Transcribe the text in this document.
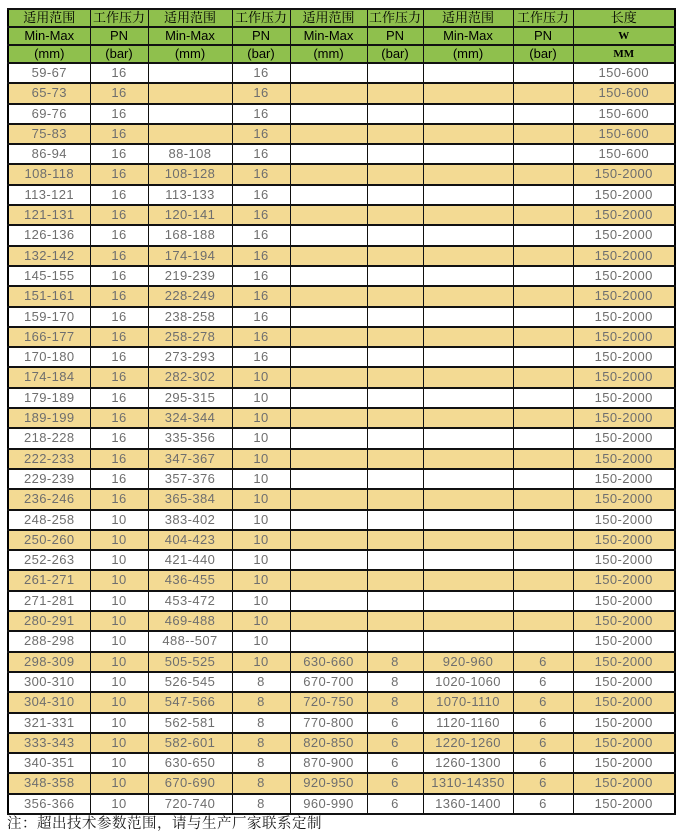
适用范围	工作压力	适用范围	工作压力	适用范围	工作压力	适用范围	工作压力	长度
Min-Max	PN	Min-Max	PN	Min-Max	PN	Min-Max	PN	W
(mm)	(bar)	(mm)	(bar)	(mm)	(bar)	(mm)	(bar)	MM
59-67	16		16					150-600
65-73	16		16					150-600
69-76	16		16					150-600
75-83	16		16					150-600
86-94	16	88-108	16					150-600
108-118	16	108-128	16					150-2000
113-121	16	113-133	16					150-2000
121-131	16	120-141	16					150-2000
126-136	16	168-188	16					150-2000
132-142	16	174-194	16					150-2000
145-155	16	219-239	16					150-2000
151-161	16	228-249	16					150-2000
159-170	16	238-258	16					150-2000
166-177	16	258-278	16					150-2000
170-180	16	273-293	16					150-2000
174-184	16	282-302	10					150-2000
179-189	16	295-315	10					150-2000
189-199	16	324-344	10					150-2000
218-228	16	335-356	10					150-2000
222-233	16	347-367	10					150-2000
229-239	16	357-376	10					150-2000
236-246	16	365-384	10					150-2000
248-258	10	383-402	10					150-2000
250-260	10	404-423	10					150-2000
252-263	10	421-440	10					150-2000
261-271	10	436-455	10					150-2000
271-281	10	453-472	10					150-2000
280-291	10	469-488	10					150-2000
288-298	10	488--507	10					150-2000
298-309	10	505-525	10	630-660	8	920-960	6	150-2000
300-310	10	526-545	8	670-700	8	1020-1060	6	150-2000
304-310	10	547-566	8	720-750	8	1070-1110	6	150-2000
321-331	10	562-581	8	770-800	6	1120-1160	6	150-2000
333-343	10	582-601	8	820-850	6	1220-1260	6	150-2000
340-351	10	630-650	8	870-900	6	1260-1300	6	150-2000
348-358	10	670-690	8	920-950	6	1310-14350	6	150-2000
356-366	10	720-740	8	960-990	6	1360-1400	6	150-2000
注：超出技术参数范围，请与生产厂家联系定制
